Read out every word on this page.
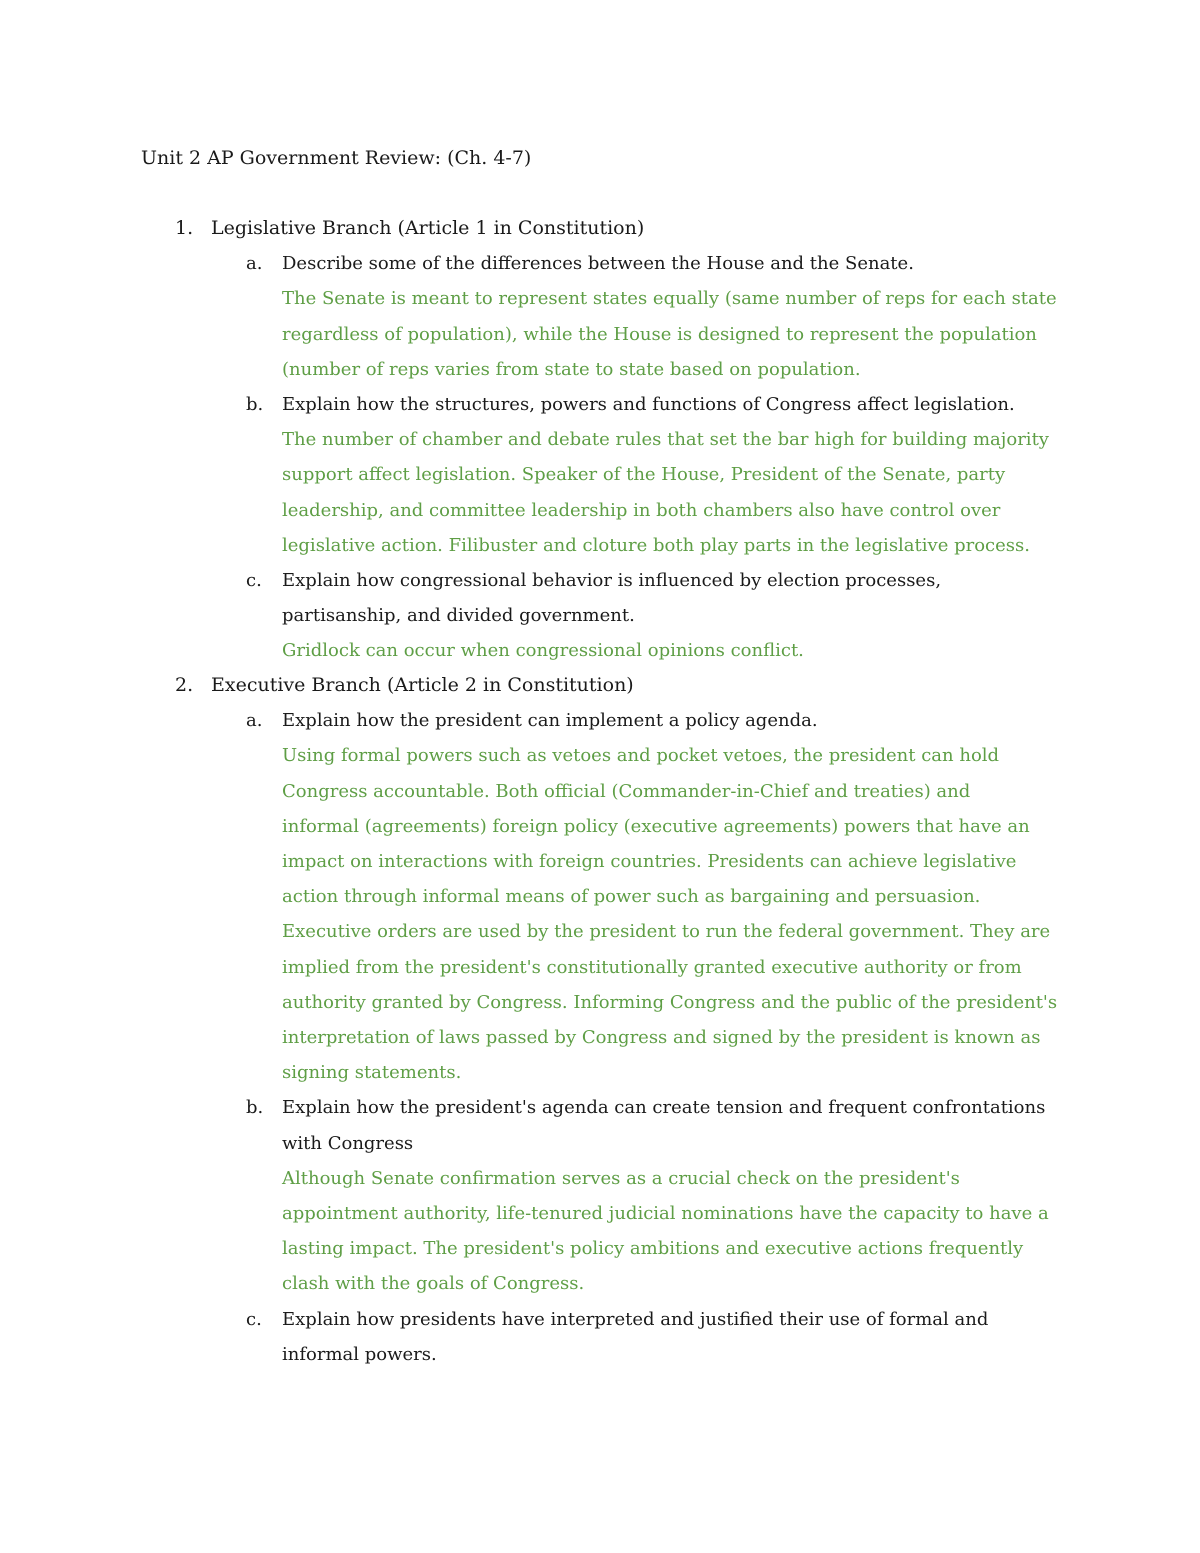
Unit 2 AP Government Review: (Ch. 4-7)
1. Legislative Branch (Article 1 in Constitution)
a. Describe some of the differences between the House and the Senate.
The Senate is meant to represent states equally (same number of reps for each state
regardless of population), while the House is designed to represent the population
(number of reps varies from state to state based on population.
b. Explain how the structures, powers and functions of Congress affect legislation.
The number of chamber and debate rules that set the bar high for building majority
support affect legislation. Speaker of the House, President of the Senate, party
leadership, and committee leadership in both chambers also have control over
legislative action. Filibuster and cloture both play parts in the legislative process.
c. Explain how congressional behavior is influenced by election processes,
partisanship, and divided government.
Gridlock can occur when congressional opinions conflict.
2. Executive Branch (Article 2 in Constitution)
a. Explain how the president can implement a policy agenda.
Using formal powers such as vetoes and pocket vetoes, the president can hold
Congress accountable. Both official (Commander-in-Chief and treaties) and
informal (agreements) foreign policy (executive agreements) powers that have an
impact on interactions with foreign countries. Presidents can achieve legislative
action through informal means of power such as bargaining and persuasion.
Executive orders are used by the president to run the federal government. They are
implied from the president's constitutionally granted executive authority or from
authority granted by Congress. Informing Congress and the public of the president's
interpretation of laws passed by Congress and signed by the president is known as
signing statements.
b. Explain how the president's agenda can create tension and frequent confrontations
with Congress
Although Senate confirmation serves as a crucial check on the president's
appointment authority, life-tenured judicial nominations have the capacity to have a
lasting impact. The president's policy ambitions and executive actions frequently
clash with the goals of Congress.
c. Explain how presidents have interpreted and justified their use of formal and
informal powers.
